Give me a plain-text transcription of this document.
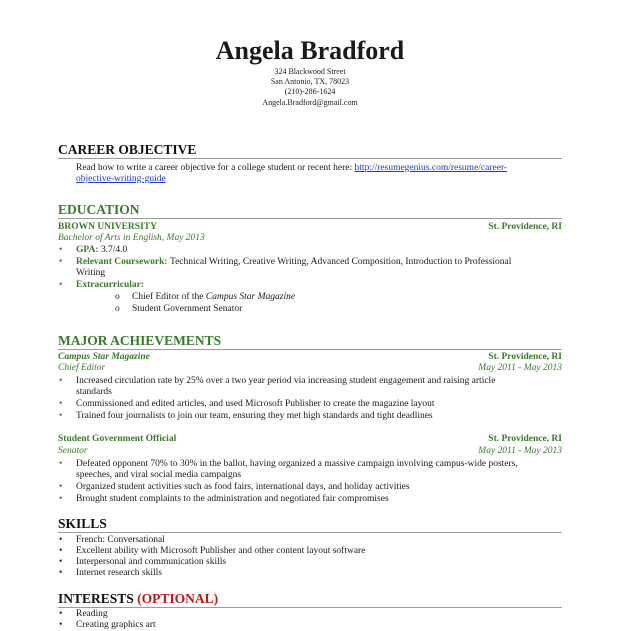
Angela Bradford
324 Blackwood Street
San Antonio, TX, 78023
(210)-286-1624
Angela.Bradford@gmail.com
CAREER OBJECTIVE
Read how to write a career objective for a college student or recent here: http://resumegenius.com/resume/career-
objective-writing-guide
EDUCATION
BROWN UNIVERSITY	St. Providence, RI
Bachelor of Arts in English, May 2013
• GPA: 3.7/4.0
• Relevant Coursework: Technical Writing, Creative Writing, Advanced Composition, Introduction to Professional
Writing
• Extracurricular:
o Chief Editor of the Campus Star Magazine
o Student Government Senator
MAJOR ACHIEVEMENTS
Campus Star Magazine	St. Providence, RI
Chief Editor	May 2011 - May 2013
• Increased circulation rate by 25% over a two year period via increasing student engagement and raising article
standards
• Commissioned and edited articles, and used Microsoft Publisher to create the magazine layout
• Trained four journalists to join our team, ensuring they met high standards and tight deadlines
Student Government Official	St. Providence, RI
Senator	May 2011 - May 2013
• Defeated opponent 70% to 30% in the ballot, having organized a massive campaign involving campus-wide posters,
speeches, and viral social media campaigns
• Organized student activities such as food fairs, international days, and holiday activities
• Brought student complaints to the administration and negotiated fair compromises
SKILLS
• French: Conversational
• Excellent ability with Microsoft Publisher and other content layout software
• Interpersonal and communication skills
• Internet research skills
INTERESTS (OPTIONAL)
• Reading
• Creating graphics art
